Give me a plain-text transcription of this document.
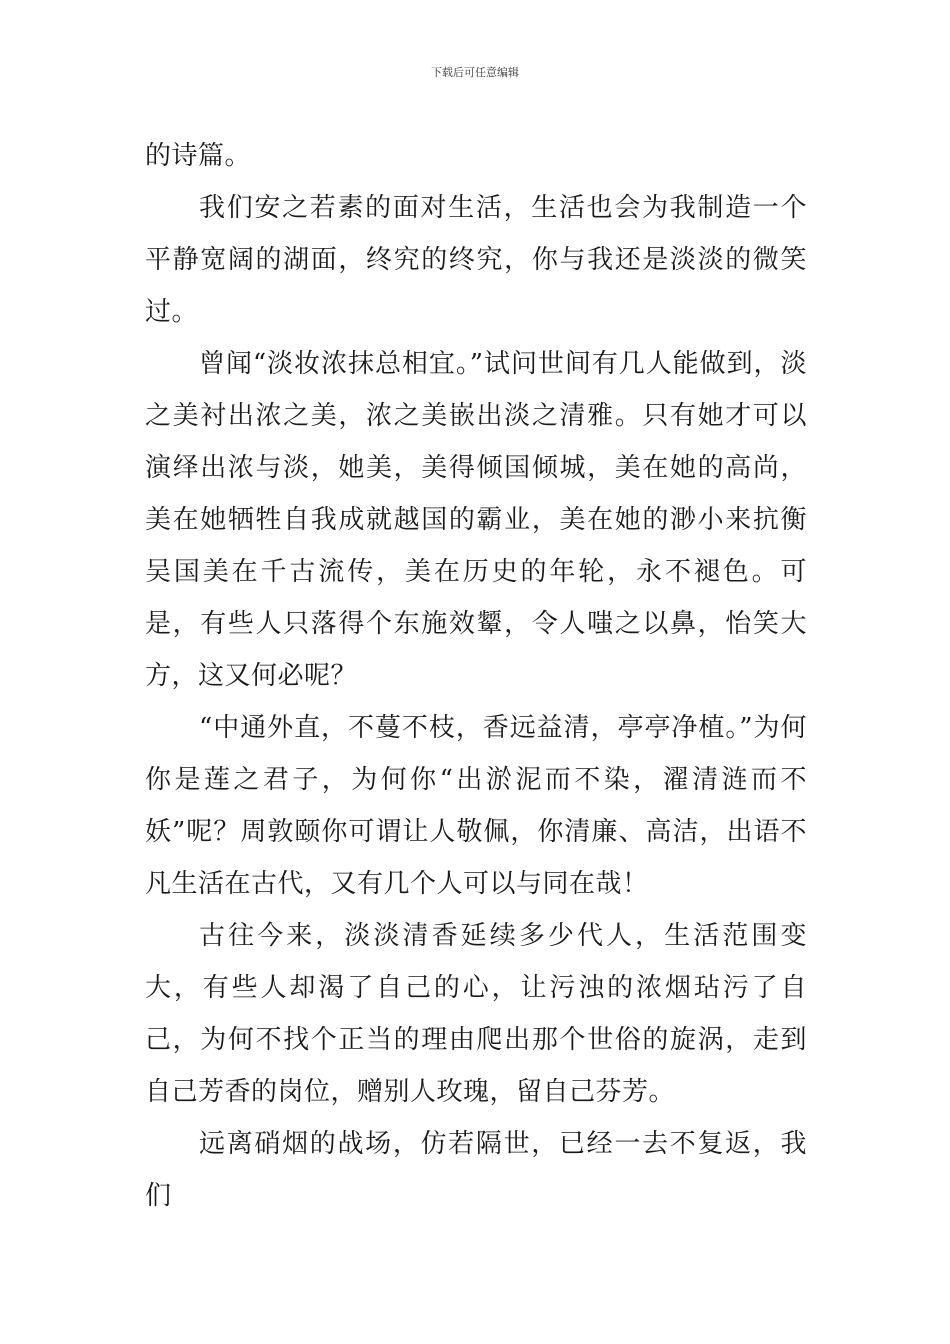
下载后可任意编辑

的诗篇。

我们安之若素的面对生活，生活也会为我制造一个平静宽阔的湖面，终究的终究，你与我还是淡淡的微笑过。

曾闻“淡妆浓抹总相宜。”试问世间有几人能做到，淡之美衬出浓之美，浓之美嵌出淡之清雅。只有她才可以演绎出浓与淡，她美，美得倾国倾城，美在她的高尚，美在她牺牲自我成就越国的霸业，美在她的渺小来抗衡吴国美在千古流传，美在历史的年轮，永不褪色。可是，有些人只落得个东施效颦，令人嗤之以鼻，怡笑大方，这又何必呢？

“中通外直，不蔓不枝，香远益清，亭亭净植。”为何你是莲之君子，为何你“出淤泥而不染，濯清涟而不妖”呢？周敦颐你可谓让人敬佩，你清廉、高洁，出语不凡生活在古代，又有几个人可以与同在哉！

古往今来，淡淡清香延续多少代人，生活范围变大，有些人却渴了自己的心，让污浊的浓烟玷污了自己，为何不找个正当的理由爬出那个世俗的旋涡，走到自己芳香的岗位，赠别人玫瑰，留自己芬芳。

远离硝烟的战场，仿若隔世，已经一去不复返，我们
